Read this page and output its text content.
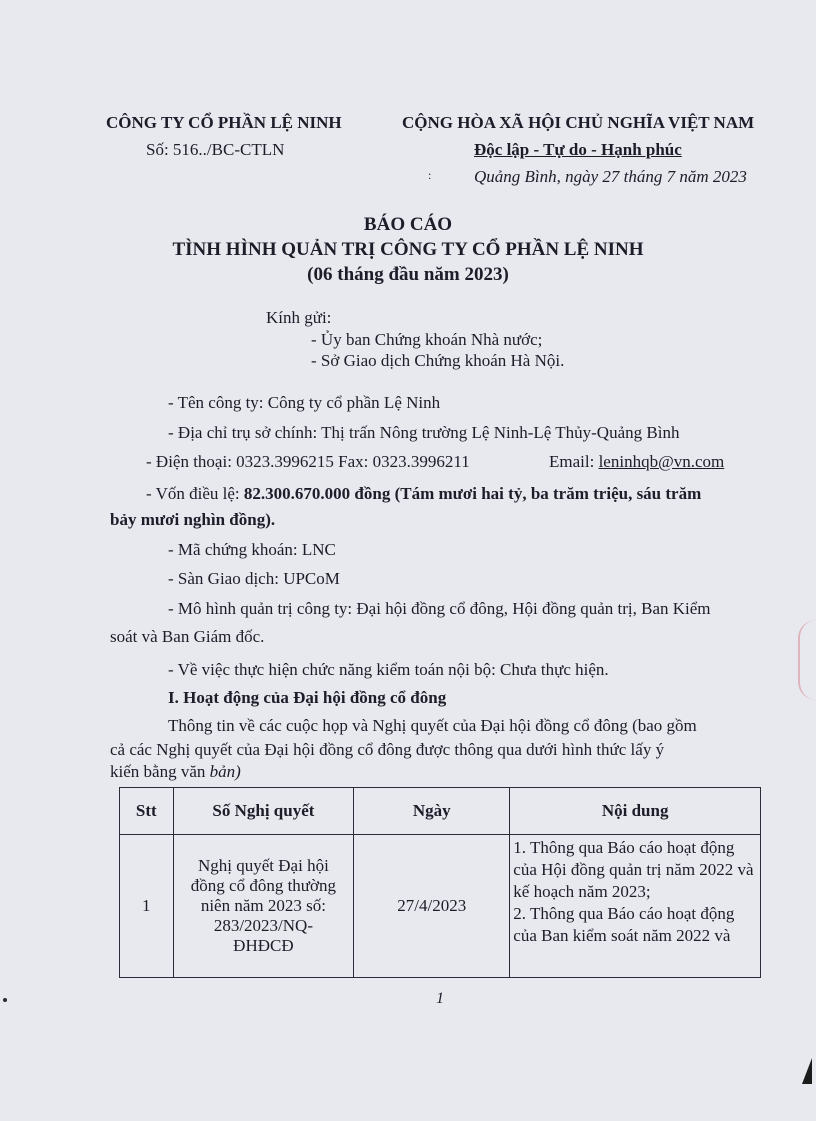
CÔNG TY CỔ PHẦN LỆ NINH
Số: 516../BC-CTLN
CỘNG HÒA XÃ HỘI CHỦ NGHĨA VIỆT NAM
Độc lập - Tự do - Hạnh phúc
:	Quảng Bình, ngày 27 tháng 7 năm 2023
BÁO CÁO
TÌNH HÌNH QUẢN TRỊ CÔNG TY CỔ PHẦN LỆ NINH
(06 tháng đầu năm 2023)
Kính gửi:
- Ủy ban Chứng khoán Nhà nước;
- Sở Giao dịch Chứng khoán Hà Nội.
- Tên công ty: Công ty cổ phần Lệ Ninh
- Địa chỉ trụ sở chính: Thị trấn Nông trường Lệ Ninh-Lệ Thủy-Quảng Bình
- Điện thoại: 0323.3996215 Fax: 0323.3996211	Email: leninhqb@vn.com
- Vốn điều lệ: 82.300.670.000 đồng (Tám mươi hai tỷ, ba trăm triệu, sáu trăm
bảy mươi nghìn đồng).
- Mã chứng khoán: LNC
- Sàn Giao dịch: UPCoM
- Mô hình quản trị công ty: Đại hội đồng cổ đông, Hội đồng quản trị, Ban Kiểm
soát và Ban Giám đốc.
- Về việc thực hiện chức năng kiểm toán nội bộ: Chưa thực hiện.
I. Hoạt động của Đại hội đồng cổ đông
Thông tin về các cuộc họp và Nghị quyết của Đại hội đồng cổ đông (bao gồm
cả các Nghị quyết của Đại hội đồng cổ đông được thông qua dưới hình thức lấy ý
kiến bằng văn bản)
Stt	Số Nghị quyết	Ngày	Nội dung
1	Nghị quyết Đại hội đồng cổ đông thường niên năm 2023 số: 283/2023/NQ-ĐHĐCĐ	27/4/2023	1. Thông qua Báo cáo hoạt động của Hội đồng quản trị năm 2022 và kế hoạch năm 2023;
2. Thông qua Báo cáo hoạt động của Ban kiểm soát năm 2022 và
1
